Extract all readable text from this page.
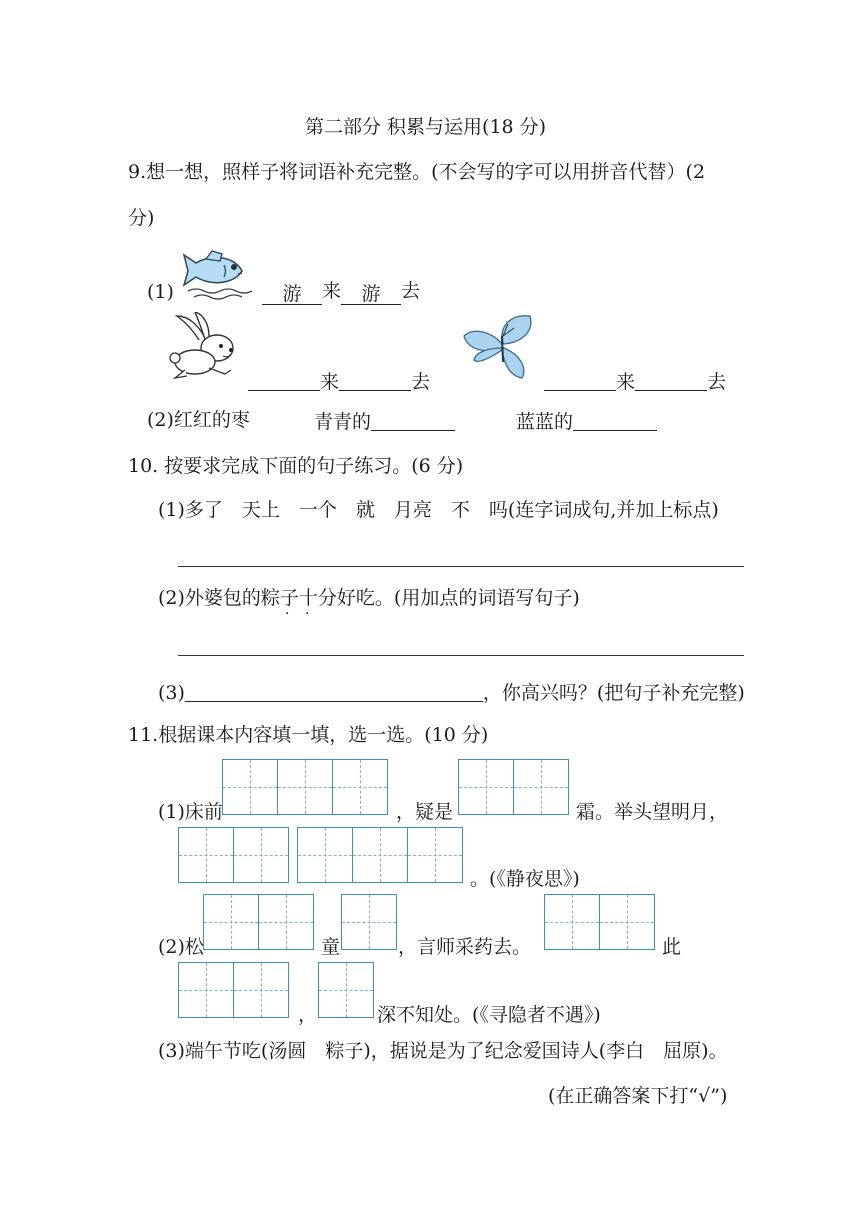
第二部分 积累与运用(18 分)
9.想一想，照样子将词语补充完整。(不会写的字可以用拼音代替）(2
分)
(1)	游 来 游 去
来	去	来	去
(2)红红的枣	青青的	蓝蓝的
10. 按要求完成下面的句子练习。(6 分)
(1)多了　天上　一个　就　月亮　不　吗(连字词成句,并加上标点)
(2)外婆包的粽子十分好吃。(用加点的词语写句子)
· ·
(3)	，你高兴吗？(把句子补充完整)
11.根据课本内容填一填，选一选。(10 分)
(1)床前	，疑是	霜。举头望明月，
。(《静夜思》)
(2)松	童	，言师采药去。	此
，	深不知处。(《寻隐者不遇》)
(3)端午节吃(汤圆　粽子)，据说是为了纪念爱国诗人(李白　屈原)。
(在正确答案下打“√”)
